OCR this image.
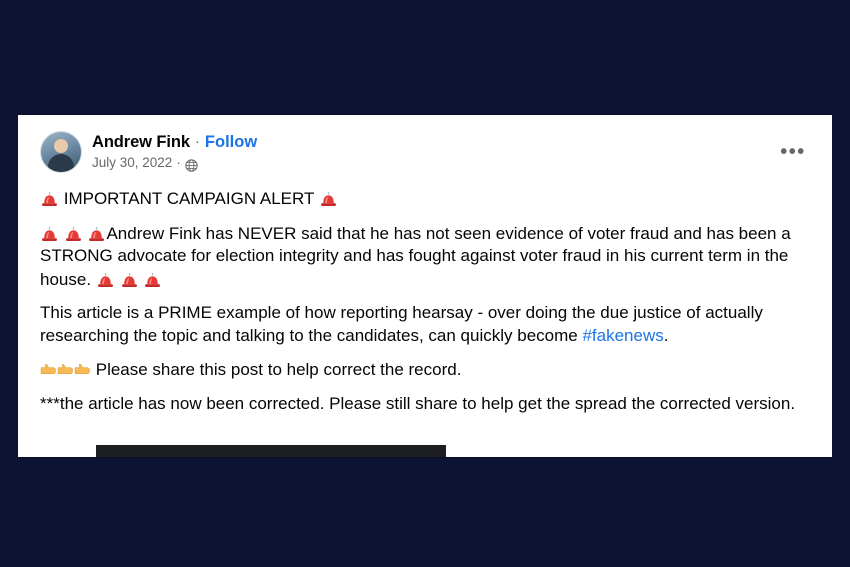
Andrew Fink · Follow
July 30, 2022 ·	•••

IMPORTANT CAMPAIGN ALERT

Andrew Fink has NEVER said that he has not seen evidence of voter fraud and has been a STRONG advocate for election integrity and has fought against voter fraud in his current term in the house.

This article is a PRIME example of how reporting hearsay - over doing the due justice of actually researching the topic and talking to the candidates, can quickly become #fakenews.

Please share this post to help correct the record.

***the article has now been corrected. Please still share to help get the spread the corrected version.
